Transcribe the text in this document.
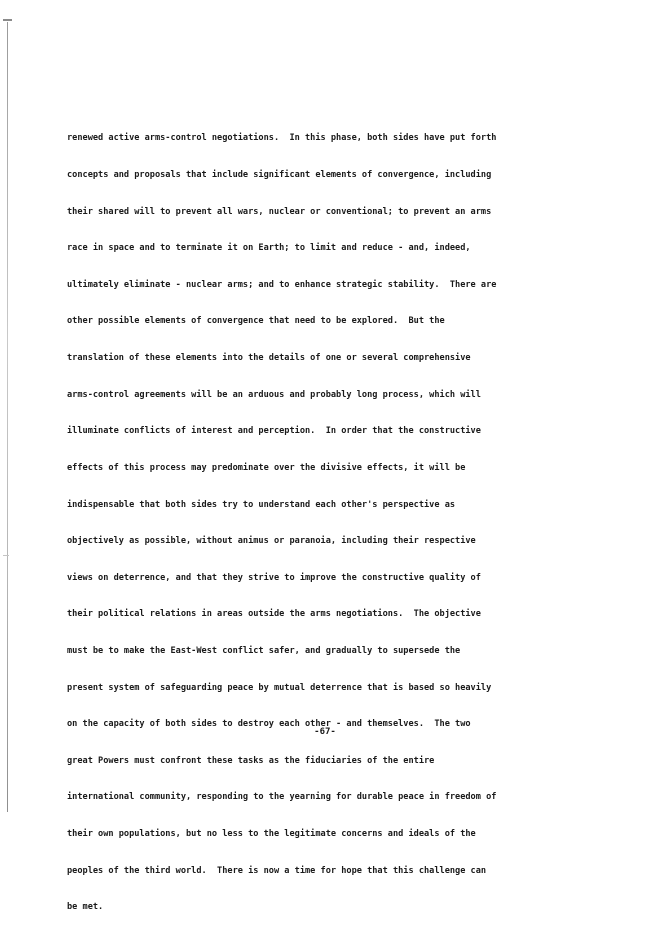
renewed active arms-control negotiations.  In this phase, both sides have put forth

concepts and proposals that include significant elements of convergence, including

their shared will to prevent all wars, nuclear or conventional; to prevent an arms

race in space and to terminate it on Earth; to limit and reduce - and, indeed,

ultimately eliminate - nuclear arms; and to enhance strategic stability.  There are

other possible elements of convergence that need to be explored.  But the

translation of these elements into the details of one or several comprehensive

arms-control agreements will be an arduous and probably long process, which will

illuminate conflicts of interest and perception.  In order that the constructive

effects of this process may predominate over the divisive effects, it will be

indispensable that both sides try to understand each other's perspective as

objectively as possible, without animus or paranoia, including their respective

views on deterrence, and that they strive to improve the constructive quality of

their political relations in areas outside the arms negotiations.  The objective

must be to make the East-West conflict safer, and gradually to supersede the

present system of safeguarding peace by mutual deterrence that is based so heavily

on the capacity of both sides to destroy each other - and themselves.  The two

great Powers must confront these tasks as the fiduciaries of the entire

international community, responding to the yearning for durable peace in freedom of

their own populations, but no less to the legitimate concerns and ideals of the

peoples of the third world.  There is now a time for hope that this challenge can

be met.

-67-
